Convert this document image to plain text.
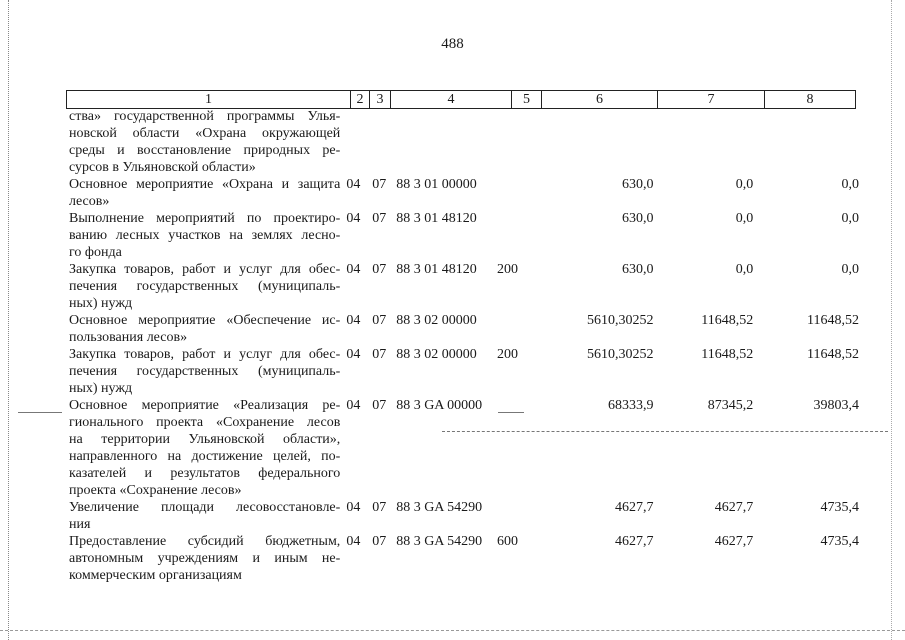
488
1	2 3	4	5	6	7	8
ства» государственной программы Улья-
новской области «Охрана окружающей
среды и восстановление природных ре-
сурсов в Ульяновской области»
Основное мероприятие «Охрана и защита
лесов»
04 07 88 3 01 00000	630,0	0,0	0,0
Выполнение мероприятий по проектиро-
ванию лесных участков на землях лесно-
го фонда
04 07 88 3 01 48120	630,0	0,0	0,0
Закупка товаров, работ и услуг для обес-
печения государственных (муниципаль-
ных) нужд
04 07 88 3 01 48120	200	630,0	0,0	0,0
Основное мероприятие «Обеспечение ис-
пользования лесов»
04 07 88 3 02 00000	5610,30252	11648,52	11648,52
Закупка товаров, работ и услуг для обес-
печения государственных (муниципаль-
ных) нужд
04 07 88 3 02 00000	200	5610,30252	11648,52	11648,52
Основное мероприятие «Реализация ре-
гионального проекта «Сохранение лесов
на территории Ульяновской области»,
направленного на достижение целей, по-
казателей и результатов федерального
проекта «Сохранение лесов»
04 07 88 3 GA 00000	68333,9	87345,2	39803,4
Увеличение площади лесовосстановле-
ния
04 07 88 3 GA 54290	4627,7	4627,7	4735,4
Предоставление субсидий бюджетным,
автономным учреждениям и иным не-
коммерческим организациям
04 07 88 3 GA 54290	600	4627,7	4627,7	4735,4
